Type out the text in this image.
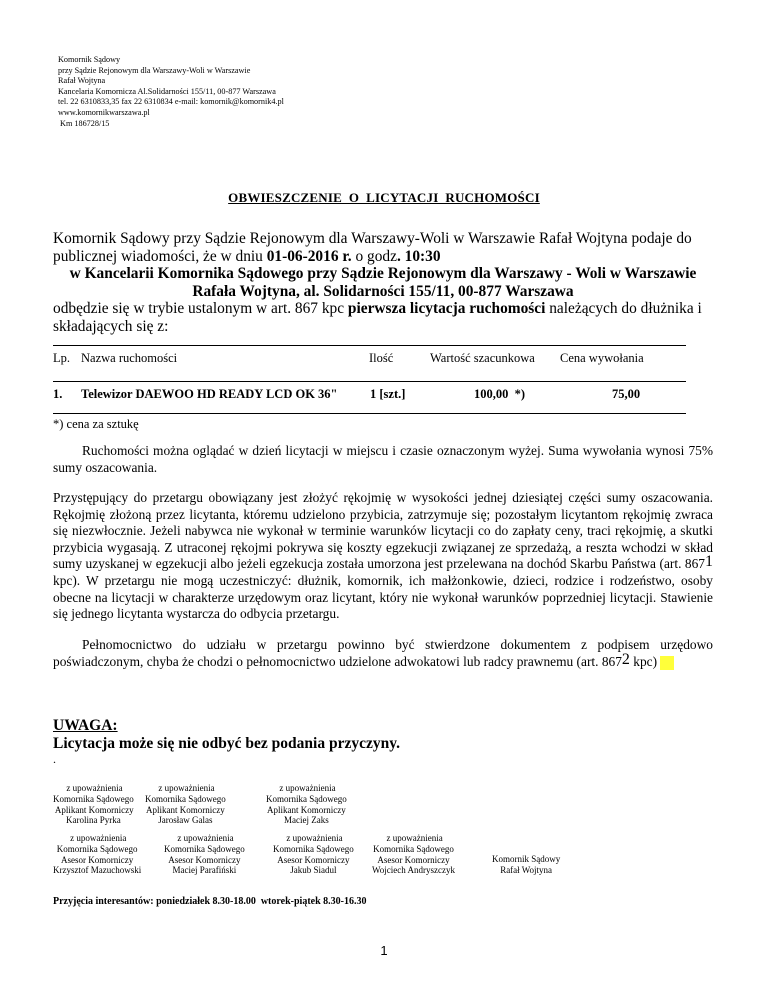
Komornik Sądowy
przy Sądzie Rejonowym dla Warszawy-Woli w Warszawie
Rafał Wojtyna
Kancelaria Komornicza Al.Solidarności 155/11, 00-877 Warszawa
tel. 22 6310833,35 fax 22 6310834 e-mail: komornik@komornik4.pl
www.komornikwarszawa.pl
Km 186728/15
OBWIESZCZENIE  O  LICYTACJI  RUCHOMOŚCI

Komornik Sądowy przy Sądzie Rejonowym dla Warszawy-Woli w Warszawie Rafał Wojtyna podaje do publicznej wiadomości, że w dniu 01-06-2016 r. o godz. 10:30

w Kancelarii Komornika Sądowego przy Sądzie Rejonowym dla Warszawy - Woli w Warszawie

Rafała Wojtyna, al. Solidarności 155/11, 00-877 Warszawa

odbędzie się w trybie ustalonym w art. 867 kpc pierwsza licytacja ruchomości należących do dłużnika i składających się z:

Lp. Nazwa ruchomości	Ilość	Wartość szacunkowa Cena wywołania
1. Telewizor DAEWOO HD READY LCD OK 36"	1 [szt.]	100,00  *)	75,00
*) cena za sztukę

Ruchomości można oglądać w dzień licytacji w miejscu i czasie oznaczonym wyżej. Suma wywołania wynosi 75% sumy oszacowania.

Przystępujący do przetargu obowiązany jest złożyć rękojmię w wysokości jednej dziesiątej części sumy oszacowania. Rękojmię złożoną przez licytanta, któremu udzielono przybicia, zatrzymuje się; pozostałym licytantom rękojmię zwraca się niezwłocznie. Jeżeli nabywca nie wykonał w terminie warunków licytacji co do zapłaty ceny, traci rękojmię, a skutki przybicia wygasają. Z utraconej rękojmi pokrywa się koszty egzekucji związanej ze sprzedażą, a reszta wchodzi w skład sumy uzyskanej w egzekucji albo jeżeli egzekucja została umorzona jest przelewana na dochód Skarbu Państwa (art. $867^1$ kpc). W przetargu nie mogą uczestniczyć: dłużnik, komornik, ich małżonkowie, dzieci, rodzice i rodzeństwo, osoby obecne na licytacji w charakterze urzędowym oraz licytant, który nie wykonał warunków poprzedniej licytacji. Stawienie się jednego licytanta wystarcza do odbycia przetargu.

Pełnomocnictwo do udziału w przetargu powinno być stwierdzone dokumentem z podpisem urzędowo poświadczonym, chyba że chodzi o pełnomocnictwo udzielone adwokatowi lub radcy prawnemu (art. $867^2$ kpc)

UWAGA:
Licytacja może się nie odbyć bez podania przyczyny.
.
z upoważnienia
Komornika Sądowego
Aplikant Komorniczy
Karolina Pyrka
z upoważnienia
Komornika Sądowego
Aplikant Komorniczy
Jarosław Galas
z upoważnienia
Komornika Sądowego
Aplikant Komorniczy
Maciej Zaks
z upoważnienia
Komornika Sądowego
Asesor Komorniczy
Krzysztof Mazuchowski
z upoważnienia
Komornika Sądowego
Asesor Komorniczy
Maciej Parafiński
z upoważnienia
Komornika Sądowego
Asesor Komorniczy
Jakub Siadul
z upoważnienia
Komornika Sądowego
Asesor Komorniczy
Wojciech Andryszczyk
Komornik Sądowy
Rafał Wojtyna
Przyjęcia interesantów: poniedziałek 8.30-18.00  wtorek-piątek 8.30-16.30
1
